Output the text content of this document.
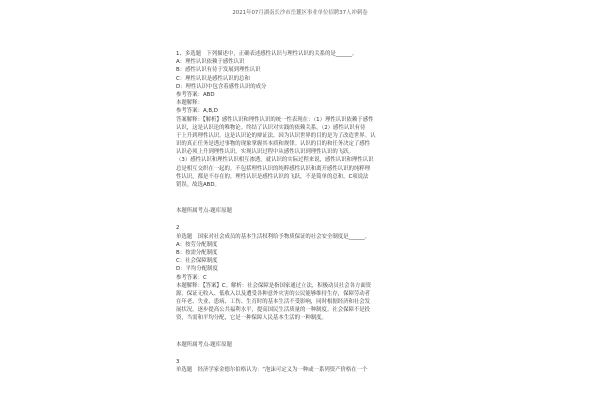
2021年07月湖南长沙市岳麓区事业单位招聘37人冲刺卷
1、多选题　下列描述中，正确表述感性认识与理性认识的关系的是______。
A：理性认识依赖于感性认识
B：感性认识有待于发展到理性认识
C：理性认识是感性认识的总和
D：理性认识中包含着感性认识的成分
参考答案：ABD
本题解释：
参考答案：A,B,D
答案解释：【解析】感性认识和理性认识的统一性表现在：（1）理性认识依赖于感性
认识，这是认识论的唯物论。终结了认识对实践的依赖关系。（2）感性认识有待
于上升到理性认识。这是认识论的辩证法。因为认识世界的目的是为了改造世界。认
识的真正任务是透过事物的现象掌握其本质和规律。认识的目的和任务决定了感性
认识必须上升到理性认识。实现认识过程中从感性认识到理性认识的飞跃。
（3）感性认识和理性认识相互渗透。就认识的实际过程来说，感性认识和理性认识
总是相互交织在一起的。不包括理性认识的纯粹感性认识和离开感性认识的纯粹理
性认识，都是不存在的。理性认识是感性认识的飞跃，不是简单的总和，C项说法
错误。故选ABD。
本题所属考点-题库原题
2
单选题　国家对社会成员的基本生活权利给予物质保证的社会安全制度是______。
A：按劳分配制度
B：按需分配制度
C：社会保障制度
D：平均分配制度
参考答案：C
本题解释：【答案】C。解析：社会保障是指国家通过立法，积极动员社会各方面资
源，保证无收入、低收入以及遭受各种意外灾害的公民能够维持生存，保障劳动者
在年老、失业、患病、工伤、生育时的基本生活不受影响，同时根据经济和社会发
展状况，逐步提高公共福利水平，提高国民生活质量的一种制度。社会保障不是投
资，当需和平均分配，它是一种保障人民基本生活的一种制度。
本题所属考点-题库原题
3
单选题　经济学家金德尔伯格认为：“泡沫可定义为一种或一系列资产价格在一个
